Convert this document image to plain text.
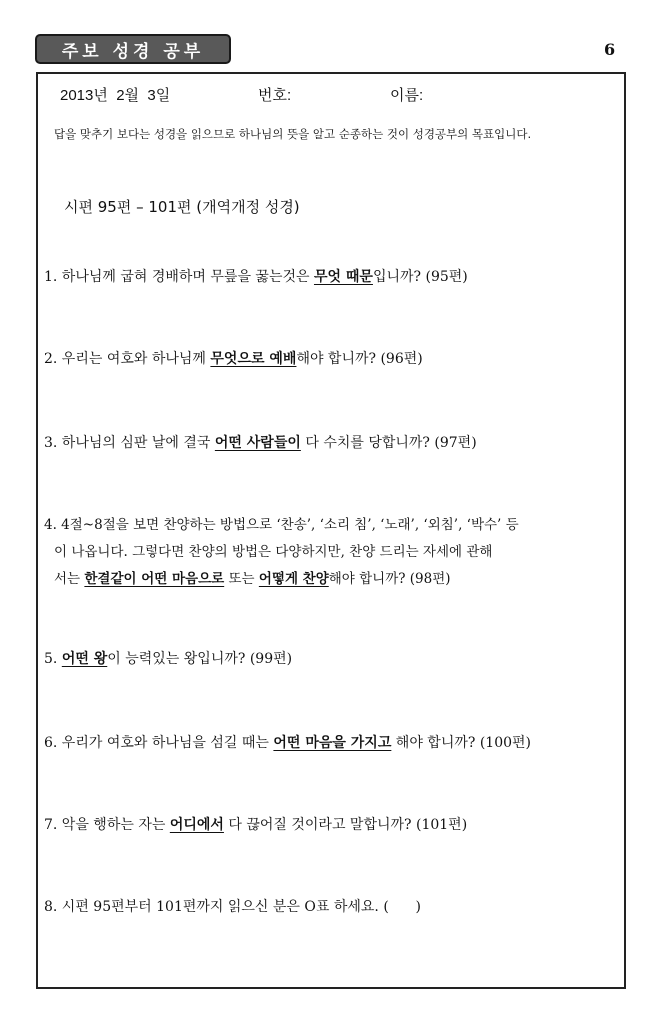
주보 성경 공부	6
2013년  2월  3일	번호:	이름:
답을 맞추기 보다는 성경을 읽으므로 하나님의 뜻을 알고 순종하는 것이 성경공부의 목표입니다.
시편 95편 – 101편 (개역개정 성경)
1. 하나님께 굽혀 경배하며 무릎을 꿇는것은 무엇 때문입니까? (95편)
2. 우리는 여호와 하나님께 무엇으로 예배해야 합니까? (96편)
3. 하나님의 심판 날에 결국 어떤 사람들이 다 수치를 당합니까? (97편)
4. 4절~8절을 보면 찬양하는 방법으로 ‘찬송’, ‘소리 침’, ‘노래’, ‘외침’, ‘박수’ 등
이 나옵니다. 그렇다면 찬양의 방법은 다양하지만, 찬양 드리는 자세에 관해
서는 한결같이 어떤 마음으로 또는 어떻게 찬양해야 합니까? (98편)
5. 어떤 왕이 능력있는 왕입니까? (99편)
6. 우리가 여호와 하나님을 섬길 때는 어떤 마음을 가지고 해야 합니까? (100편)
7. 악을 행하는 자는 어디에서 다 끊어질 것이라고 말합니까? (101편)
8. 시편 95편부터 101편까지 읽으신 분은 O표 하세요. (      )
